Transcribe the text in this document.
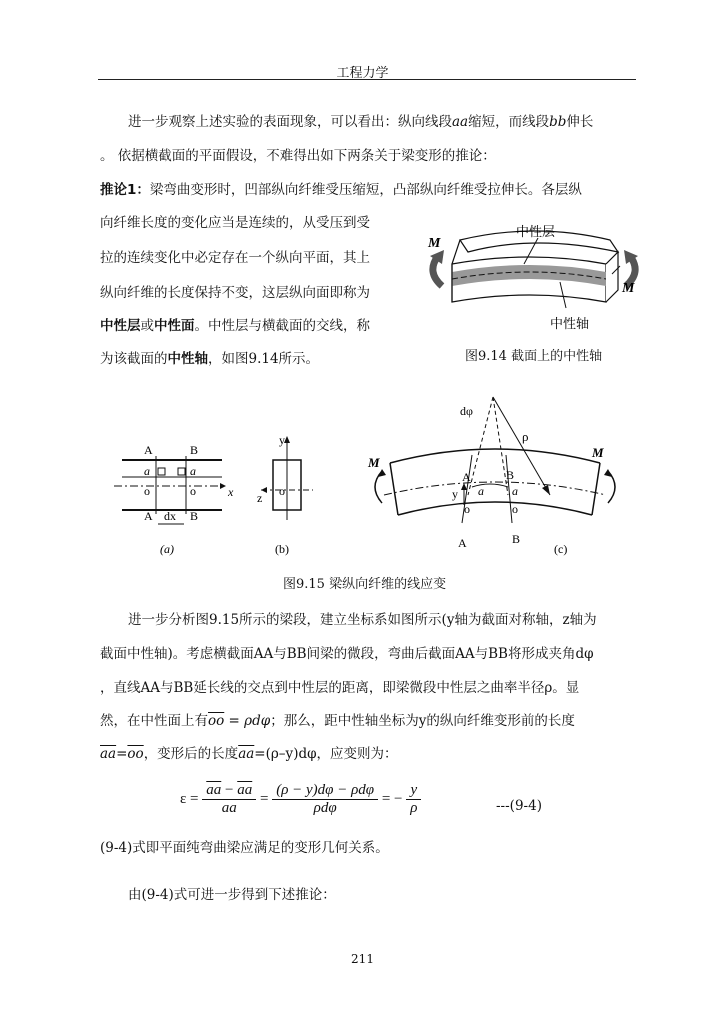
工程力学
进一步观察上述实验的表面现象，可以看出：纵向线段aa缩短，而线段bb伸长
。 依据横截面的平面假设，不难得出如下两条关于梁变形的推论：
推论1：梁弯曲变形时，凹部纵向纤维受压缩短，凸部纵向纤维受拉伸长。各层纵
向纤维长度的变化应当是连续的，从受压到受
拉的连续变化中必定存在一个纵向平面，其上
纵向纤维的长度保持不变，这层纵向面即称为
中性层或中性面。中性层与横截面的交线，称
为该截面的中性轴，如图9.14所示。
M
M
中性层
中性轴
图9.14 截面上的中性轴
A	B
a	a
o	o	x
A dx B
(a)
y
z o
(b)
dφ
ρ
M
M
A	B
y a a
o	o
A	B
(c)
图9.15 梁纵向纤维的线应变
进一步分析图9.15所示的梁段，建立坐标系如图所示(y轴为截面对称轴，z轴为
截面中性轴)。考虑横截面AA与BB间梁的微段，弯曲后截面AA与BB将形成夹角dφ
，直线AA与BB延长线的交点到中性层的距离，即梁微段中性层之曲率半径ρ。显
然，在中性面上有$\overline{oo} = \rho d\varphi$；那么，距中性轴坐标为y的纵向纤维变形前的长度
$\overline{aa}=\overline{oo}$，变形后的长度$\overline{aa}=(\rho-y)d\varphi$，应变则为：
$\varepsilon = \frac{\overline{aa} - \overline{aa}}{aa} = \frac{\text{(ρ − y)dφ − ρdφ}}{\text{ρdφ}}$ = − $\frac{y}{\rho}$	---(9-4)
(9-4)式即平面纯弯曲梁应满足的变形几何关系。
由(9-4)式可进一步得到下述推论：
211
